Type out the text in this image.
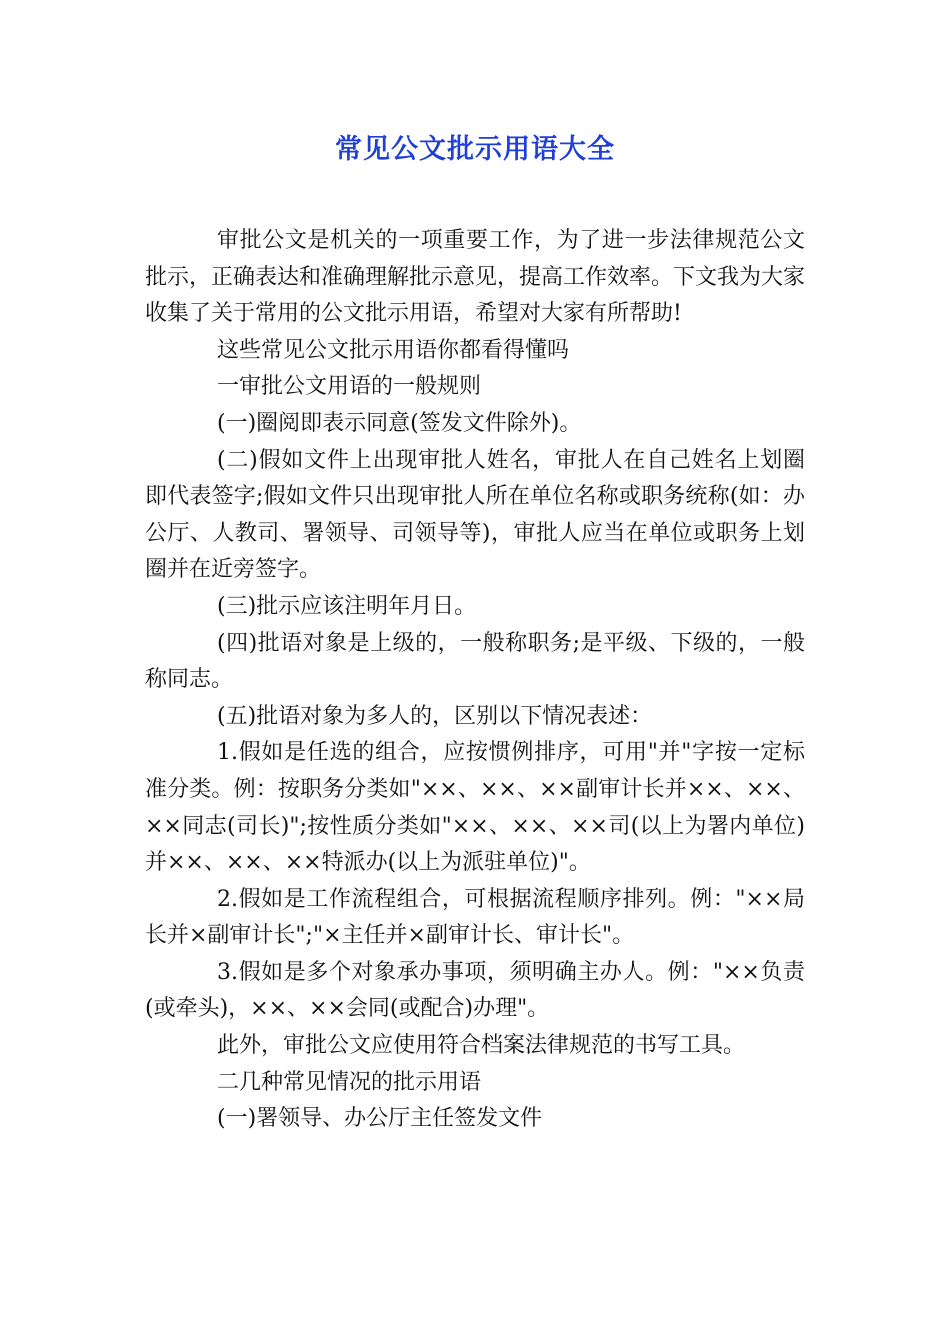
常见公文批示用语大全

审批公文是机关的一项重要工作，为了进一步法律规范公文批示，正确表达和准确理解批示意见，提高工作效率。下文我为大家收集了关于常用的公文批示用语，希望对大家有所帮助!

这些常见公文批示用语你都看得懂吗

一审批公文用语的一般规则

(一)圈阅即表示同意(签发文件除外)。

(二)假如文件上出现审批人姓名，审批人在自己姓名上划圈即代表签字;假如文件只出现审批人所在单位名称或职务统称(如：办公厅、人教司、署领导、司领导等)，审批人应当在单位或职务上划圈并在近旁签字。

(三)批示应该注明年月日。

(四)批语对象是上级的，一般称职务;是平级、下级的，一般称同志。

(五)批语对象为多人的，区别以下情况表述：

1.假如是任选的组合，应按惯例排序，可用"并"字按一定标准分类。例：按职务分类如"××、××、××副审计长并××、××、××同志(司长)";按性质分类如"××、××、××司(以上为署内单位)并××、××、××特派办(以上为派驻单位)"。

2.假如是工作流程组合，可根据流程顺序排列。例："××局长并×副审计长";"×主任并×副审计长、审计长"。

3.假如是多个对象承办事项，须明确主办人。例："××负责(或牵头)，××、××会同(或配合)办理"。

此外，审批公文应使用符合档案法律规范的书写工具。

二几种常见情况的批示用语

(一)署领导、办公厅主任签发文件
